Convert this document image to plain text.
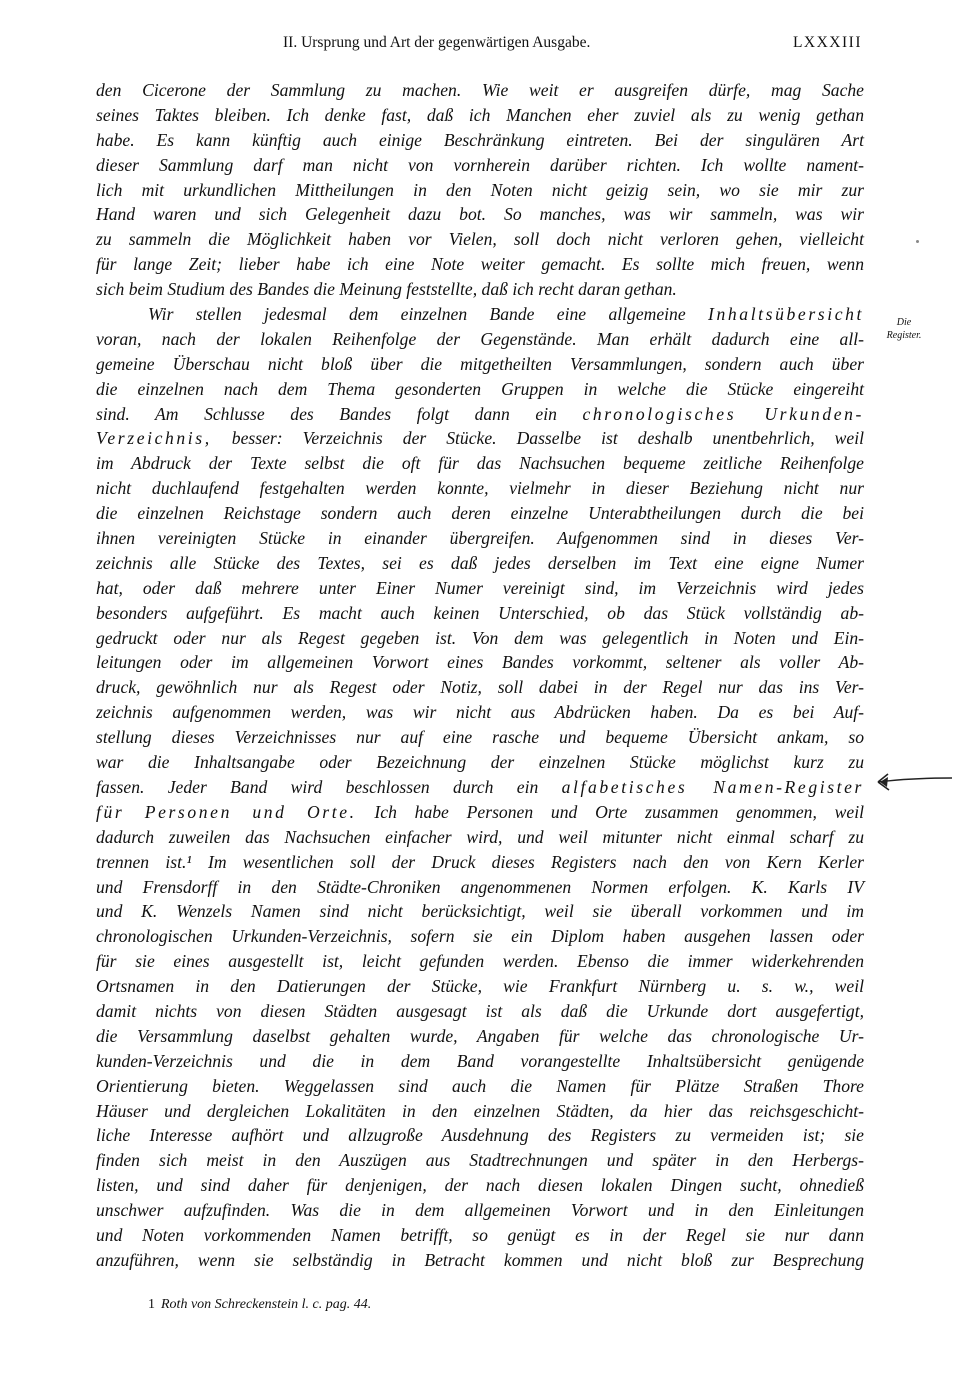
II. Ursprung und Art der gegenwärtigen Ausgabe.	LXXXIII
den Cicerone der Sammlung zu machen. Wie weit er ausgreifen dürfe, mag Sache
seines Taktes bleiben. Ich denke fast, daß ich Manchen eher zuviel als zu wenig gethan
habe. Es kann künftig auch einige Beschränkung eintreten. Bei der singulären Art
dieser Sammlung darf man nicht von vornherein darüber richten. Ich wollte nament-
lich mit urkundlichen Mittheilungen in den Noten nicht geizig sein, wo sie mir zur
Hand waren und sich Gelegenheit dazu bot. So manches, was wir sammeln, was wir
zu sammeln die Möglichkeit haben vor Vielen, soll doch nicht verloren gehen, vielleicht
für lange Zeit; lieber habe ich eine Note weiter gemacht. Es sollte mich freuen, wenn
sich beim Studium des Bandes die Meinung feststellte, daß ich recht daran gethan.
Wir stellen jedesmal dem einzelnen Bande eine allgemeine Inhaltsübersicht
voran, nach der lokalen Reihenfolge der Gegenstände. Man erhält dadurch eine all-
gemeine Überschau nicht bloß über die mitgetheilten Versammlungen, sondern auch über
die einzelnen nach dem Thema gesonderten Gruppen in welche die Stücke eingereiht
sind. Am Schlusse des Bandes folgt dann ein chronologisches Urkunden-
Verzeichnis, besser: Verzeichnis der Stücke. Dasselbe ist deshalb unentbehrlich, weil
im Abdruck der Texte selbst die oft für das Nachsuchen bequeme zeitliche Reihenfolge
nicht duchlaufend festgehalten werden konnte, vielmehr in dieser Beziehung nicht nur
die einzelnen Reichstage sondern auch deren einzelne Unterabtheilungen durch die bei
ihnen vereinigten Stücke in einander übergreifen. Aufgenommen sind in dieses Ver-
zeichnis alle Stücke des Textes, sei es daß jedes derselben im Text eine eigne Numer
hat, oder daß mehrere unter Einer Numer vereinigt sind, im Verzeichnis wird jedes
besonders aufgeführt. Es macht auch keinen Unterschied, ob das Stück vollständig ab-
gedruckt oder nur als Regest gegeben ist. Von dem was gelegentlich in Noten und Ein-
leitungen oder im allgemeinen Vorwort eines Bandes vorkommt, seltener als voller Ab-
druck, gewöhnlich nur als Regest oder Notiz, soll dabei in der Regel nur das ins Ver-
zeichnis aufgenommen werden, was wir nicht aus Abdrücken haben. Da es bei Auf-
stellung dieses Verzeichnisses nur auf eine rasche und bequeme Übersicht ankam, so
war die Inhaltsangabe oder Bezeichnung der einzelnen Stücke möglichst kurz zu
fassen. Jeder Band wird beschlossen durch ein alfabetisches Namen-Register
für Personen und Orte. Ich habe Personen und Orte zusammen genommen, weil
dadurch zuweilen das Nachsuchen einfacher wird, und weil mitunter nicht einmal scharf zu
trennen ist.¹ Im wesentlichen soll der Druck dieses Registers nach den von Kern Kerler
und Frensdorff in den Städte-Chroniken angenommenen Normen erfolgen. K. Karls IV
und K. Wenzels Namen sind nicht berücksichtigt, weil sie überall vorkommen und im
chronologischen Urkunden-Verzeichnis, sofern sie ein Diplom haben ausgehen lassen oder
für sie eines ausgestellt ist, leicht gefunden werden. Ebenso die immer widerkehrenden
Ortsnamen in den Datierungen der Stücke, wie Frankfurt Nürnberg u. s. w., weil
damit nichts von diesen Städten ausgesagt ist als daß die Urkunde dort ausgefertigt,
die Versammlung daselbst gehalten wurde, Angaben für welche das chronologische Ur-
kunden-Verzeichnis und die in dem Band vorangestellte Inhaltsübersicht genügende
Orientierung bieten. Weggelassen sind auch die Namen für Plätze Straßen Thore
Häuser und dergleichen Lokalitäten in den einzelnen Städten, da hier das reichsgeschicht-
liche Interesse aufhört und allzugroße Ausdehnung des Registers zu vermeiden ist; sie
finden sich meist in den Auszügen aus Stadtrechnungen und später in den Herbergs-
listen, und sind daher für denjenigen, der nach diesen lokalen Dingen sucht, ohnedieß
unschwer aufzufinden. Was die in dem allgemeinen Vorwort und in den Einleitungen
und Noten vorkommenden Namen betrifft, so genügt es in der Regel sie nur dann
anzuführen, wenn sie selbständig in Betracht kommen und nicht bloß zur Besprechung
Die
Register.
1 Roth von Schreckenstein l. c. pag. 44.
